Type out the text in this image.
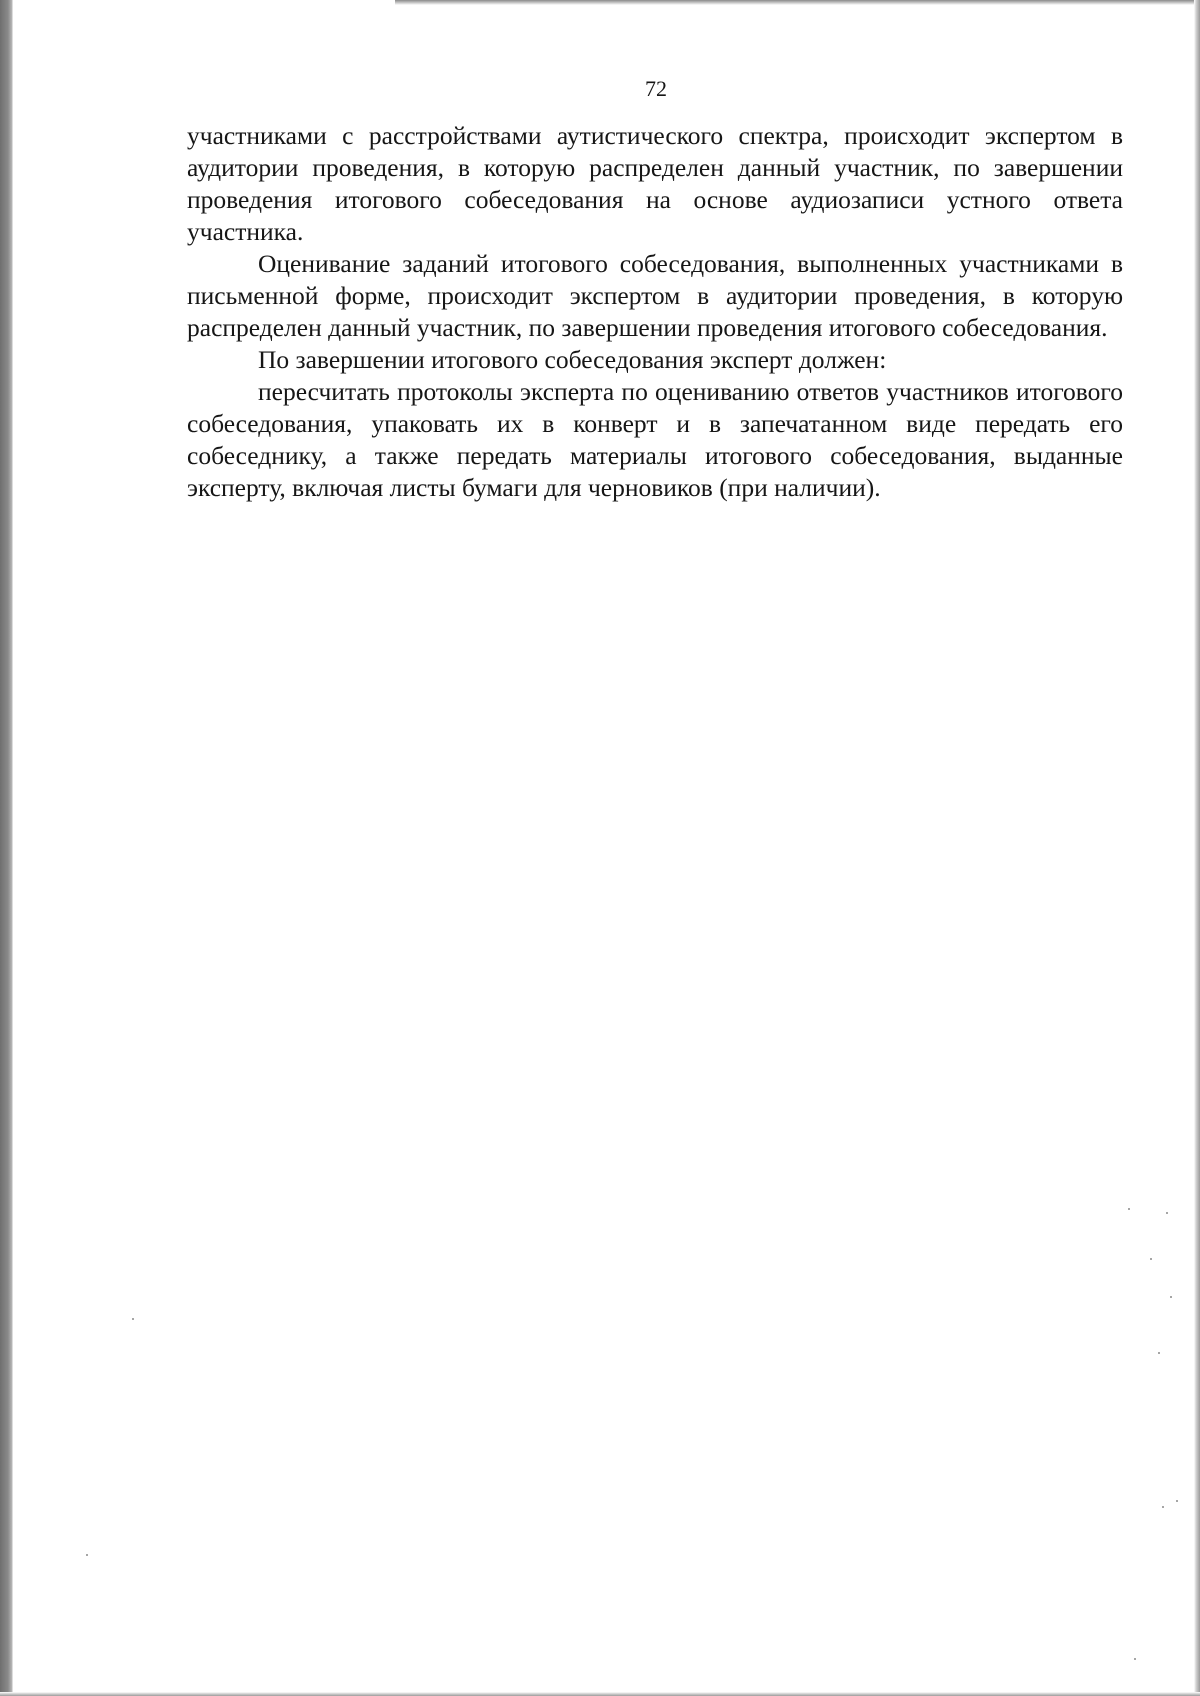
72

участниками с расстройствами аутистического спектра, происходит экспертом в аудитории проведения, в которую распределен данный участник, по завершении проведения итогового собеседования на основе аудиозаписи устного ответа участника.

Оценивание заданий итогового собеседования, выполненных участниками в письменной форме, происходит экспертом в аудитории проведения, в которую распределен данный участник, по завершении проведения итогового собеседования.

По завершении итогового собеседования эксперт должен:

пересчитать протоколы эксперта по оцениванию ответов участников итогового собеседования, упаковать их в конверт и в запечатанном виде передать его собеседнику, а также передать материалы итогового собеседования, выданные эксперту, включая листы бумаги для черновиков (при наличии).
